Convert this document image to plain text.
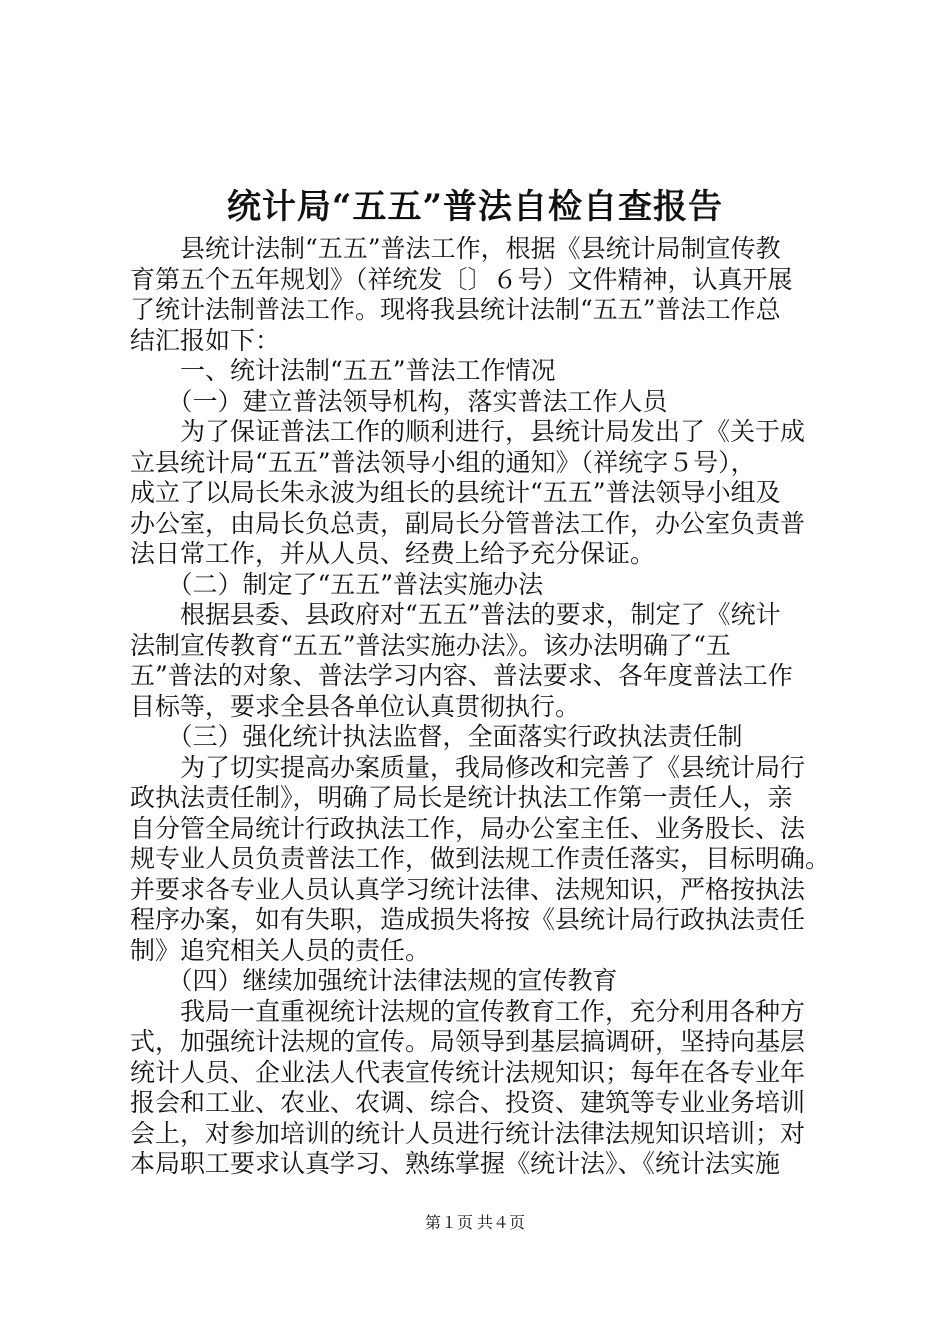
统计局“五五”普法自检自查报告
　　县统计法制“五五”普法工作，根据《县统计局制宣传教
育第五个五年规划》（祥统发〔〕６号）文件精神，认真开展
了统计法制普法工作。现将我县统计法制“五五”普法工作总
结汇报如下：
　　一、统计法制“五五”普法工作情况
　　（一）建立普法领导机构，落实普法工作人员
　　为了保证普法工作的顺利进行，县统计局发出了《关于成
立县统计局“五五”普法领导小组的通知》（祥统字５号），
成立了以局长朱永波为组长的县统计“五五”普法领导小组及
办公室，由局长负总责，副局长分管普法工作，办公室负责普
法日常工作，并从人员、经费上给予充分保证。
　　（二）制定了“五五”普法实施办法
　　根据县委、县政府对“五五”普法的要求，制定了《统计
法制宣传教育“五五”普法实施办法》。该办法明确了“五
五”普法的对象、普法学习内容、普法要求、各年度普法工作
目标等，要求全县各单位认真贯彻执行。
　　（三）强化统计执法监督，全面落实行政执法责任制
　　为了切实提高办案质量，我局修改和完善了《县统计局行
政执法责任制》，明确了局长是统计执法工作第一责任人，亲
自分管全局统计行政执法工作，局办公室主任、业务股长、法
规专业人员负责普法工作，做到法规工作责任落实，目标明确。
并要求各专业人员认真学习统计法律、法规知识，严格按执法
程序办案，如有失职，造成损失将按《县统计局行政执法责任
制》追究相关人员的责任。
　　（四）继续加强统计法律法规的宣传教育
　　我局一直重视统计法规的宣传教育工作，充分利用各种方
式，加强统计法规的宣传。局领导到基层搞调研，坚持向基层
统计人员、企业法人代表宣传统计法规知识；每年在各专业年
报会和工业、农业、农调、综合、投资、建筑等专业业务培训
会上，对参加培训的统计人员进行统计法律法规知识培训；对
本局职工要求认真学习、熟练掌握《统计法》、《统计法实施
第１页 共４页
